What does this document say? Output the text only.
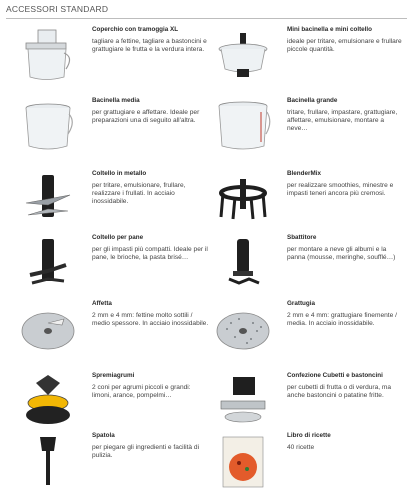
ACCESSORI STANDARD
Coperchio con tramoggia XL
tagliare a fettine, tagliare a bastoncini e grattugiare le frutta e la verdura intera.
Mini bacinella e mini coltello
ideale per tritare, emulsionare e frullare piccole quantità.
Bacinella media
per grattugiare e affettare. Ideale per preparazioni una di seguito all'altra.
Bacinella grande
tritare, frullare, impastare, grattugiare, affettare, emulsionare, montare a neve…
Coltello in metallo
per tritare, emulsionare, frullare, realizzare i frullati. In acciaio inossidabile.
BlenderMix
per realizzare smoothies, minestre e impasti teneri ancora più cremosi.
Coltello per pane
per gli impasti più compatti. Ideale per il pane, le brioche, la pasta brisé…
Sbattitore
per montare a neve gli albumi e la panna (mousse, meringhe, soufflé…)
Affetta
2 mm e 4 mm: fettine molto sottili / medio spessore. In acciaio inossidabile.
Grattugia
2 mm e 4 mm: grattugiare finemente / media. In acciaio inossidabile.
Spremiagrumi
2 coni per agrumi piccoli e grandi: limoni, arance, pompelmi…
Confezione Cubetti e bastoncini
per cubetti di frutta o di verdura, ma anche bastoncini o patatine fritte.
Spatola
per piegare gli ingredienti e facilità di pulizia.
Libro di ricette
40 ricette
